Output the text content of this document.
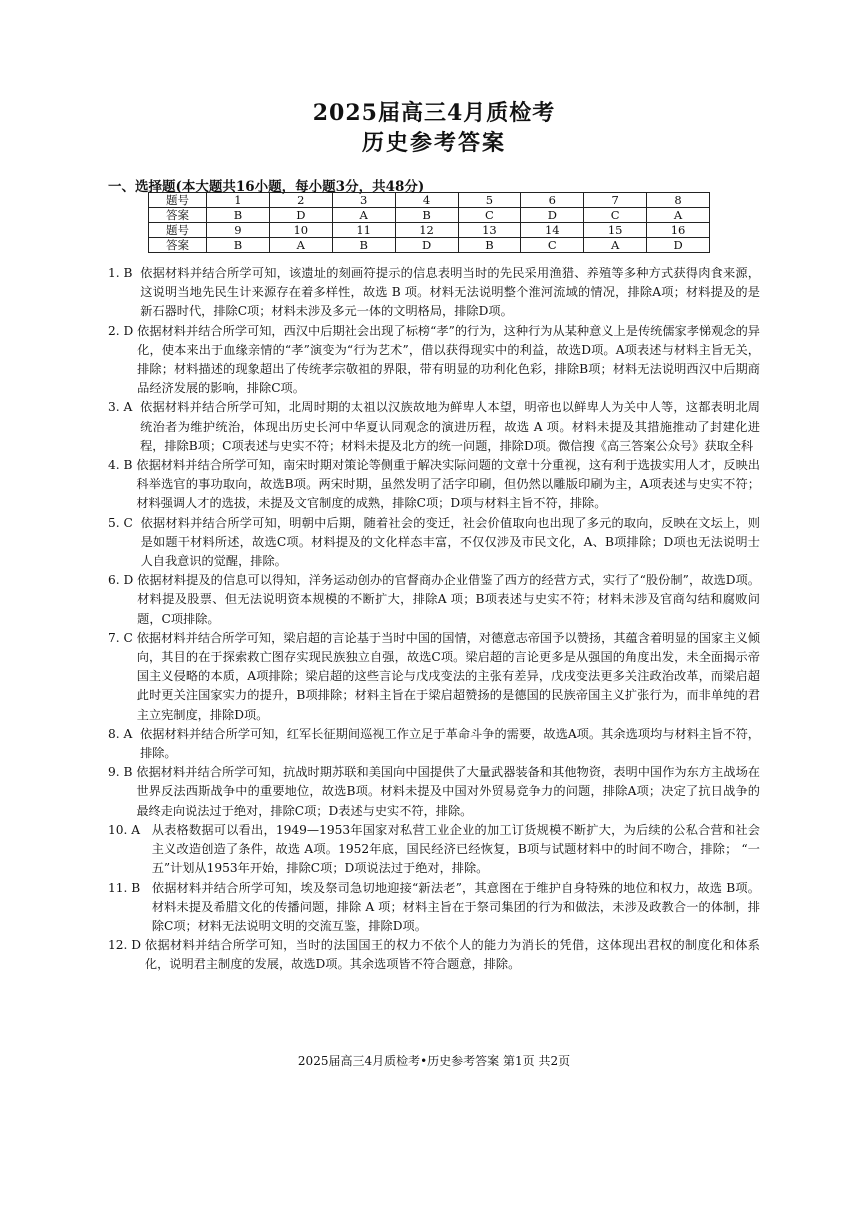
2025届高三4月质检考
历史参考答案
一、选择题(本大题共16小题，每小题3分，共48分)
题号	1	2	3	4	5	6	7	8
答案	B	D	A	B	C	D	C	A
题号	9	10	11	12	13	14	15	16
答案	B	A	B	D	B	C	A	D
1. B 依据材料并结合所学可知，该遗址的刻画符提示的信息表明当时的先民采用渔猎、养殖等多种方式获得肉食来源，这说明当地先民生计来源存在着多样性，故选 B 项。材料无法说明整个淮河流域的情况，排除A项；材料提及的是新石器时代，排除C项；材料未涉及多元一体的文明格局，排除D项。
2. D 依据材料并结合所学可知，西汉中后期社会出现了标榜“孝”的行为，这种行为从某种意义上是传统儒家孝悌观念的异化，使本来出于血缘亲情的“孝”演变为“行为艺术”，借以获得现实中的利益，故选D项。A项表述与材料主旨无关，排除；材料描述的现象超出了传统孝宗敬祖的界限，带有明显的功利化色彩，排除B项；材料无法说明西汉中后期商品经济发展的影响，排除C项。
3. A 依据材料并结合所学可知，北周时期的太祖以汉族故地为鲜卑人本望，明帝也以鲜卑人为关中人等，这都表明北周统治者为维护统治，体现出历史长河中华夏认同观念的演进历程，故选 A 项。材料未提及其措施推动了封建化进程，排除B项；C项表述与史实不符；材料未提及北方的统一问题，排除D项。微信搜《高三答案公众号》获取全科
4. B 依据材料并结合所学可知，南宋时期对策论等侧重于解决实际问题的文章十分重视，这有利于选拔实用人才，反映出科举选官的事功取向，故选B项。两宋时期，虽然发明了活字印刷，但仍然以雕版印刷为主，A项表述与史实不符；材料强调人才的选拔，未提及文官制度的成熟，排除C项；D项与材料主旨不符，排除。
5. C 依据材料并结合所学可知，明朝中后期，随着社会的变迁，社会价值取向也出现了多元的取向，反映在文坛上，则是如题干材料所述，故选C项。材料提及的文化样态丰富，不仅仅涉及市民文化，A、B项排除；D项也无法说明士人自我意识的觉醒，排除。
6. D 依据材料提及的信息可以得知，洋务运动创办的官督商办企业借鉴了西方的经营方式，实行了“股份制”，故选D项。材料提及股票、但无法说明资本规模的不断扩大，排除A 项；B项表述与史实不符；材料未涉及官商勾结和腐败问题，C项排除。
7. C 依据材料并结合所学可知，梁启超的言论基于当时中国的国情，对德意志帝国予以赞扬，其蕴含着明显的国家主义倾向，其目的在于探索救亡图存实现民族独立自强，故选C项。梁启超的言论更多是从强国的角度出发，未全面揭示帝国主义侵略的本质，A项排除；梁启超的这些言论与戊戌变法的主张有差异，戊戌变法更多关注政治改革，而梁启超此时更关注国家实力的提升，B项排除；材料主旨在于梁启超赞扬的是德国的民族帝国主义扩张行为，而非单纯的君主立宪制度，排除D项。
8. A 依据材料并结合所学可知，红军长征期间巡视工作立足于革命斗争的需要，故选A项。其余选项均与材料主旨不符，排除。
9. B 依据材料并结合所学可知，抗战时期苏联和美国向中国提供了大量武器装备和其他物资，表明中国作为东方主战场在世界反法西斯战争中的重要地位，故选B项。材料未提及中国对外贸易竞争力的问题，排除A项；决定了抗日战争的最终走向说法过于绝对，排除C项；D表述与史实不符，排除。
10. A 从表格数据可以看出，1949—1953年国家对私营工业企业的加工订货规模不断扩大，为后续的公私合营和社会主义改造创造了条件，故选 A项。1952年底，国民经济已经恢复，B项与试题材料中的时间不吻合，排除； “一五”计划从1953年开始，排除C项；D项说法过于绝对，排除。
11. B 依据材料并结合所学可知，埃及祭司急切地迎接“新法老”，其意图在于维护自身特殊的地位和权力，故选 B项。材料未提及希腊文化的传播问题，排除 A 项；材料主旨在于祭司集团的行为和做法，未涉及政教合一的体制，排除C项；材料无法说明文明的交流互鉴，排除D项。
12. D 依据材料并结合所学可知，当时的法国国王的权力不依个人的能力为消长的凭借，这体现出君权的制度化和体系化，说明君主制度的发展，故选D项。其余选项皆不符合题意，排除。
2025届高三4月质检考•历史参考答案 第1页 共2页
